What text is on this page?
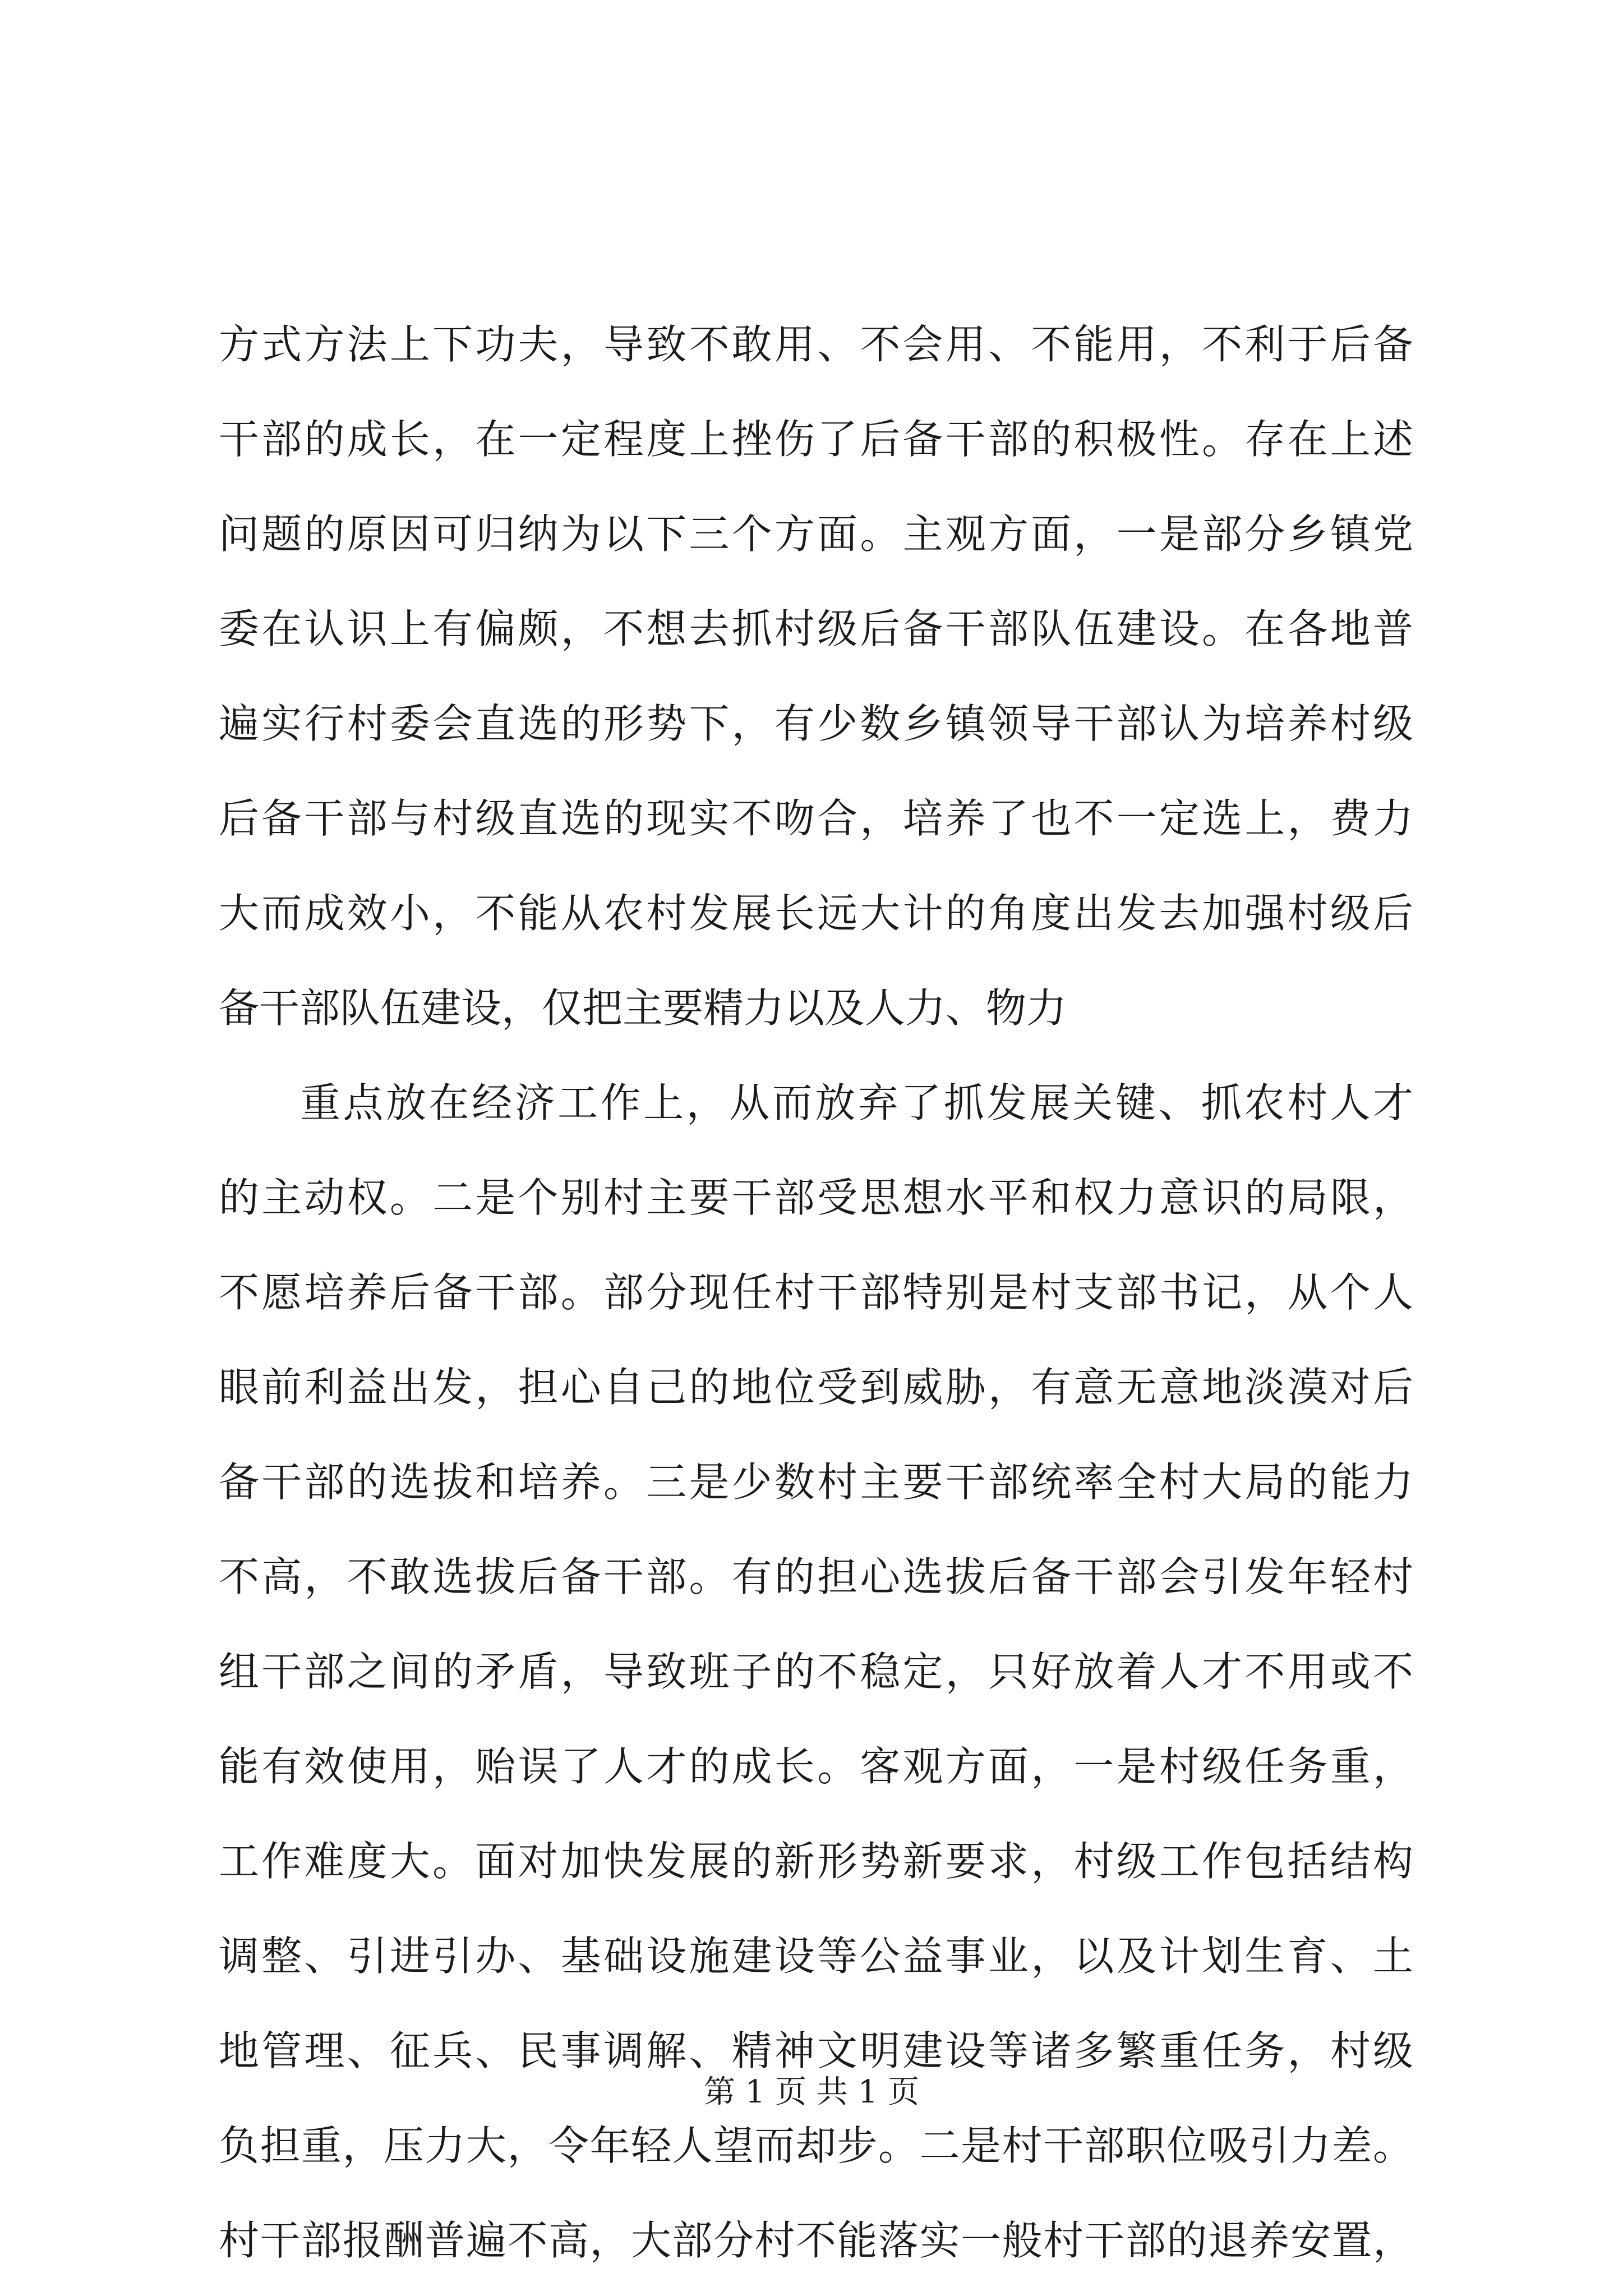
方式方法上下功夫，导致不敢用、不会用、不能用，不利于后备
干部的成长，在一定程度上挫伤了后备干部的积极性。存在上述
问题的原因可归纳为以下三个方面。主观方面，一是部分乡镇党
委在认识上有偏颇，不想去抓村级后备干部队伍建设。在各地普
遍实行村委会直选的形势下，有少数乡镇领导干部认为培养村级
后备干部与村级直选的现实不吻合，培养了也不一定选上，费力
大而成效小，不能从农村发展长远大计的角度出发去加强村级后
备干部队伍建设，仅把主要精力以及人力、物力
重点放在经济工作上，从而放弃了抓发展关键、抓农村人才
的主动权。二是个别村主要干部受思想水平和权力意识的局限，
不愿培养后备干部。部分现任村干部特别是村支部书记，从个人
眼前利益出发，担心自己的地位受到威胁，有意无意地淡漠对后
备干部的选拔和培养。三是少数村主要干部统率全村大局的能力
不高，不敢选拔后备干部。有的担心选拔后备干部会引发年轻村
组干部之间的矛盾，导致班子的不稳定，只好放着人才不用或不
能有效使用，贻误了人才的成长。客观方面，一是村级任务重，
工作难度大。面对加快发展的新形势新要求，村级工作包括结构
调整、引进引办、基础设施建设等公益事业，以及计划生育、土
地管理、征兵、民事调解、精神文明建设等诸多繁重任务，村级
负担重，压力大，令年轻人望而却步。二是村干部职位吸引力差。
村干部报酬普遍不高，大部分村不能落实一般村干部的退养安置，
第 1 页 共 1 页
